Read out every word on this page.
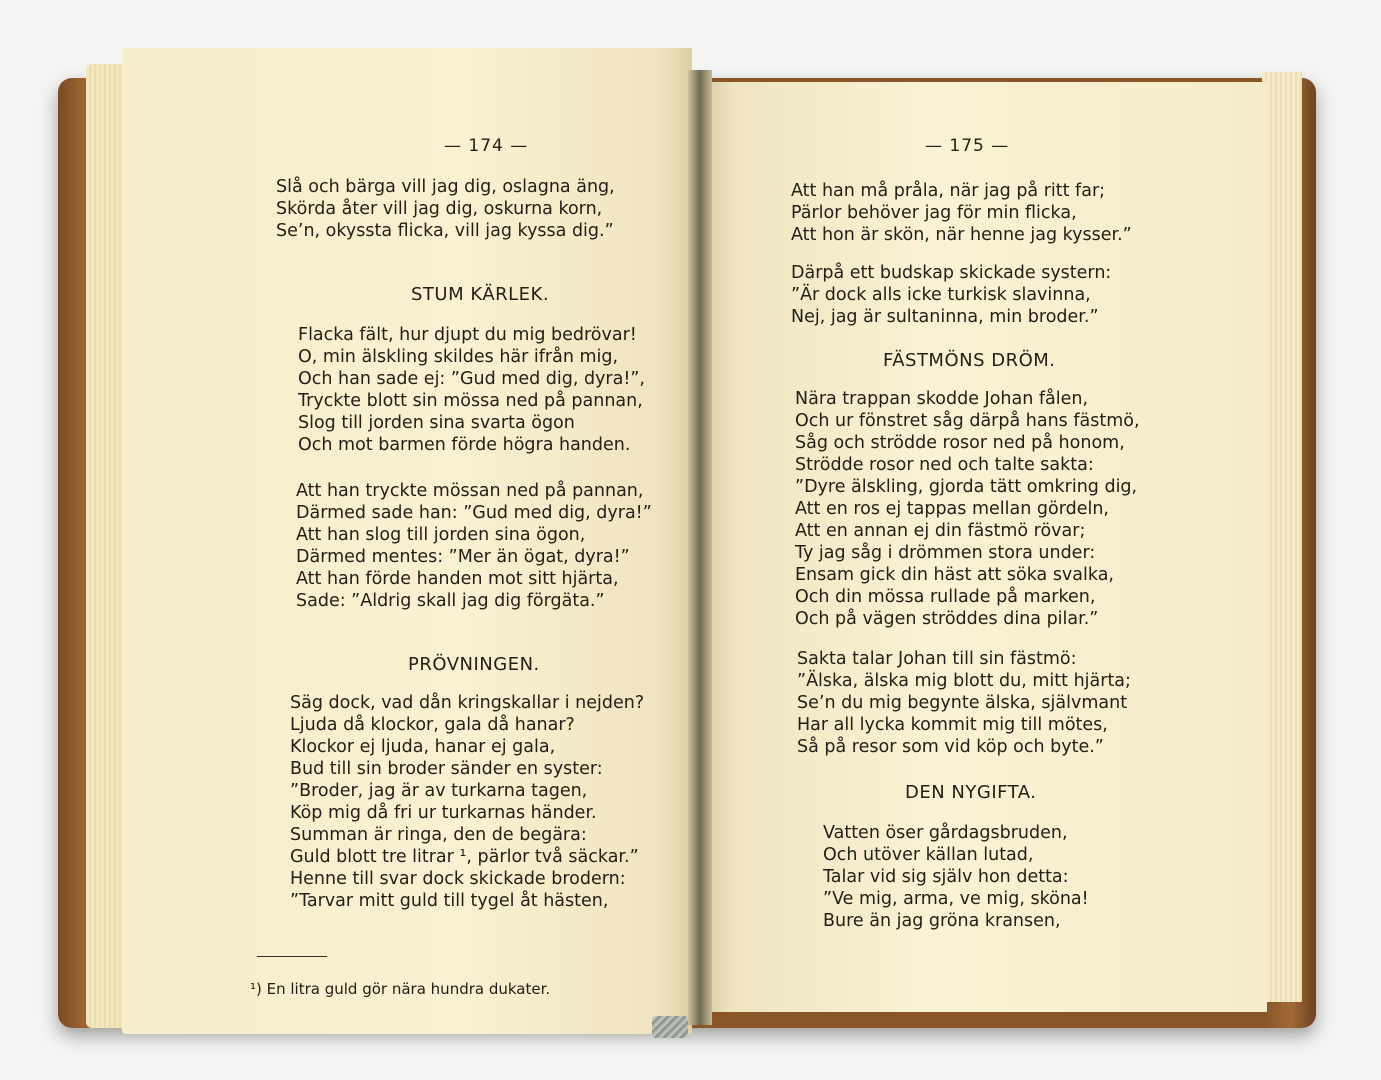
— 174 —
Slå och bärga vill jag dig, oslagna äng,
Skörda åter vill jag dig, oskurna korn,
Se’n, okyssta flicka, vill jag kyssa dig.”
STUM KÄRLEK.
Flacka fält, hur djupt du mig bedrövar!
O, min älskling skildes här ifrån mig,
Och han sade ej: ”Gud med dig, dyra!”,
Tryckte blott sin mössa ned på pannan,
Slog till jorden sina svarta ögon
Och mot barmen förde högra handen.
Att han tryckte mössan ned på pannan,
Därmed sade han: ”Gud med dig, dyra!”
Att han slog till jorden sina ögon,
Därmed mentes: ”Mer än ögat, dyra!”
Att han förde handen mot sitt hjärta,
Sade: ”Aldrig skall jag dig förgäta.”
PRÖVNINGEN.
Säg dock, vad dån kringskallar i nejden?
Ljuda då klockor, gala då hanar?
Klockor ej ljuda, hanar ej gala,
Bud till sin broder sänder en syster:
”Broder, jag är av turkarna tagen,
Köp mig då fri ur turkarnas händer.
Summan är ringa, den de begära:
Guld blott tre litrar ¹, pärlor två säckar.”
Henne till svar dock skickade brodern:
”Tarvar mitt guld till tygel åt hästen,
¹) En litra guld gör nära hundra dukater.
— 175 —
Att han må pråla, när jag på ritt far;
Pärlor behöver jag för min flicka,
Att hon är skön, när henne jag kysser.”
Därpå ett budskap skickade systern:
”Är dock alls icke turkisk slavinna,
Nej, jag är sultaninna, min broder.”
FÄSTMÖNS DRÖM.
Nära trappan skodde Johan fålen,
Och ur fönstret såg därpå hans fästmö,
Såg och strödde rosor ned på honom,
Strödde rosor ned och talte sakta:
”Dyre älskling, gjorda tätt omkring dig,
Att en ros ej tappas mellan gördeln,
Att en annan ej din fästmö rövar;
Ty jag såg i drömmen stora under:
Ensam gick din häst att söka svalka,
Och din mössa rullade på marken,
Och på vägen ströddes dina pilar.”
Sakta talar Johan till sin fästmö:
”Älska, älska mig blott du, mitt hjärta;
Se’n du mig begynte älska, självmant
Har all lycka kommit mig till mötes,
Så på resor som vid köp och byte.”
DEN NYGIFTA.
Vatten öser gårdagsbruden,
Och utöver källan lutad,
Talar vid sig själv hon detta:
”Ve mig, arma, ve mig, sköna!
Bure än jag gröna kransen,
